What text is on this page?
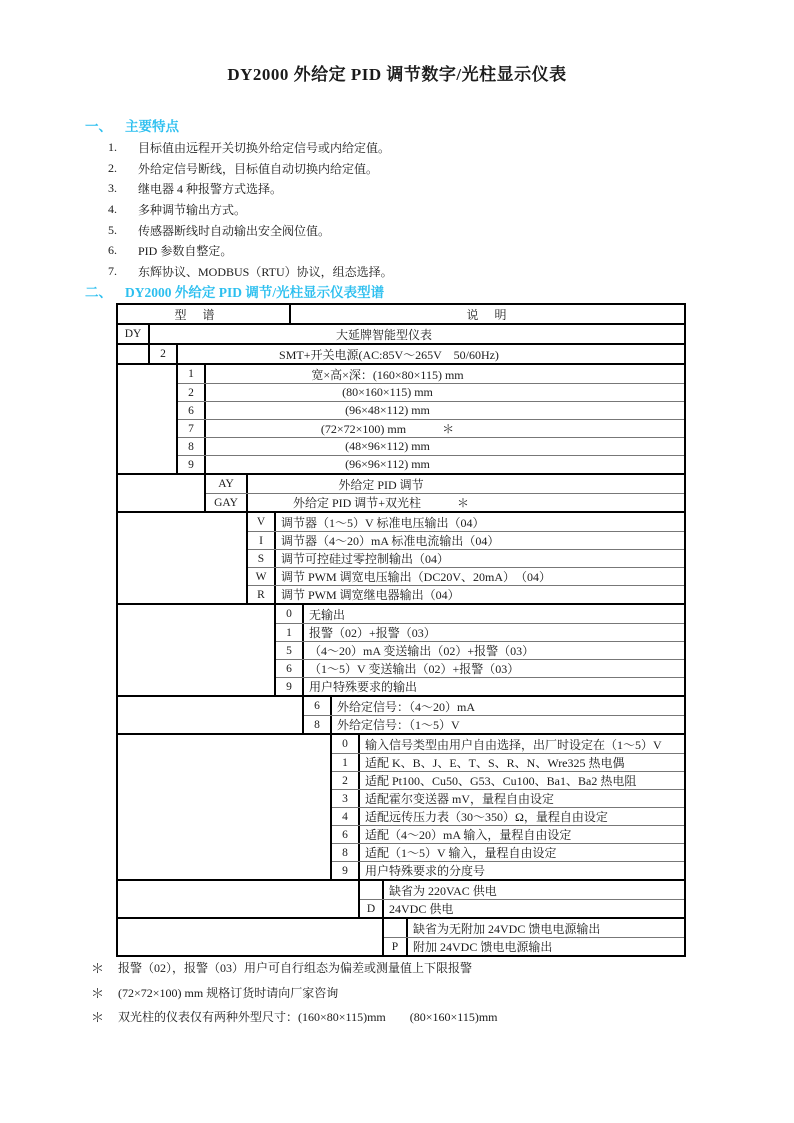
DY2000 外给定 PID 调节数字/光柱显示仪表
一、 主要特点
1.	目标值由远程开关切换外给定信号或内给定值。
2.	外给定信号断线，目标值自动切换内给定值。
3.	继电器 4 种报警方式选择。
4.	多种调节输出方式。
5.	传感器断线时自动输出安全阀位值。
6.	PID 参数自整定。
7.	东辉协议、MODBUS（RTU）协议，组态选择。
二、 DY2000 外给定 PID 调节/光柱显示仪表型谱
型　谱	说　明
DY	大延牌智能型仪表
2	SMT+开关电源(AC:85V～265V　50/60Hz)
1	宽×高×深：(160×80×115) mm
2	(80×160×115) mm
6	(96×48×112) mm
7	(72×72×100) mm　　　＊
8	(48×96×112) mm
9	(96×96×112) mm
AY	外给定 PID 调节
GAY	外给定 PID 调节+双光柱　　　＊
V	调节器（1～5）V 标准电压输出（04）
I	调节器（4～20）mA 标准电流输出（04）
S	调节可控硅过零控制输出（04）
W	调节 PWM 调宽电压输出（DC20V、20mA）　（04）
R	调节 PWM 调宽继电器输出（04）
0	无输出
1	报警（02）+报警（03）
5	（4～20）mA 变送输出（02）+报警（03）
6	（1～5）V 变送输出（02）+报警（03）
9	用户特殊要求的输出
6	外给定信号：（4～20）mA
8	外给定信号：（1～5）V
0	输入信号类型由用户自由选择，出厂时设定在（1～5）V
1	适配 K、B、J、E、T、S、R、N、Wre325 热电偶
2	适配 Pt100、Cu50、G53、Cu100、Ba1、Ba2 热电阻
3	适配霍尔变送器 mV，量程自由设定
4	适配远传压力表（30～350）Ω，量程自由设定
6	适配（4～20）mA 输入，量程自由设定
8	适配（1～5）V 输入，量程自由设定
9	用户特殊要求的分度号
缺省为 220VAC 供电
D	24VDC 供电
缺省为无附加 24VDC 馈电电源输出
P	附加 24VDC 馈电电源输出
＊	报警（02），报警（03）用户可自行组态为偏差或测量值上下限报警
＊	(72×72×100) mm 规格订货时请向厂家咨询
＊	双光柱的仪表仅有两种外型尺寸：(160×80×115)mm　　(80×160×115)mm
